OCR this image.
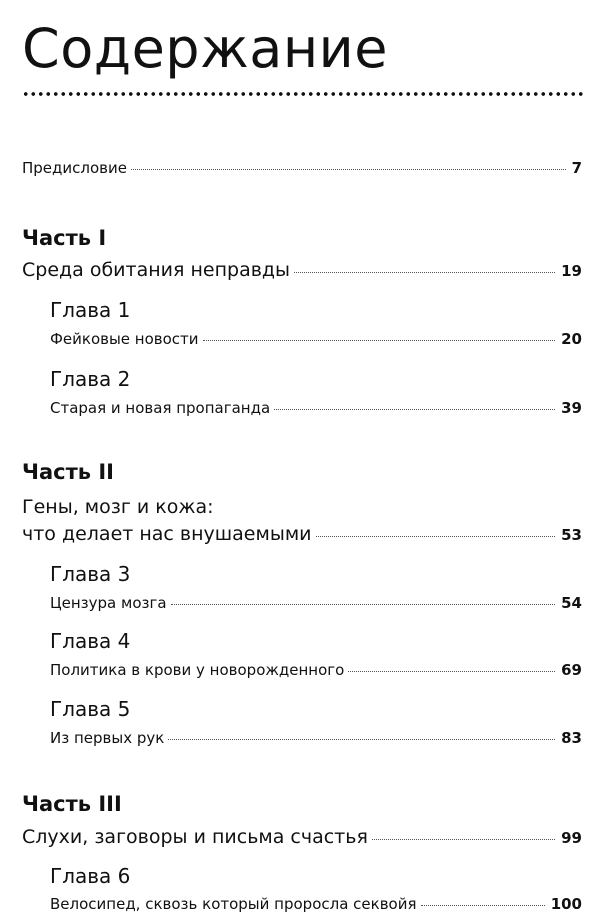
Содержание
Предисловие	7
Часть I
Среда обитания неправды	19
Глава 1
Фейковые новости	20
Глава 2
Старая и новая пропаганда	39
Часть II
Гены, мозг и кожа:
что делает нас внушаемыми	53
Глава 3
Цензура мозга	54
Глава 4
Политика в крови у новорожденного	69
Глава 5
Из первых рук	83
Часть III
Слухи, заговоры и письма счастья	99
Глава 6
Велосипед, сквозь который проросла секвойя	100
